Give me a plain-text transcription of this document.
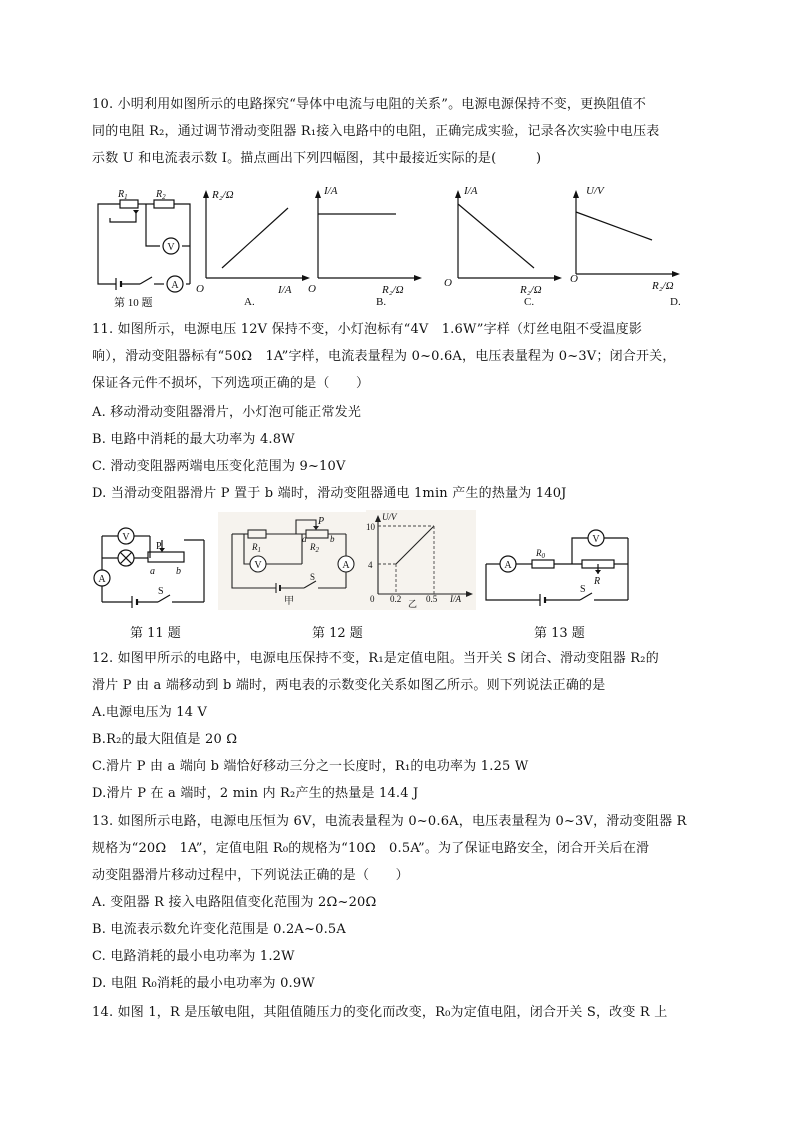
10. 小明利用如图所示的电路探究“导体中电流与电阻的关系”。电源电源保持不变，更换阻值不
同的电阻 R₂，通过调节滑动变阻器 R₁接入电路中的电阻，正确完成实验，记录各次实验中电压表
示数 U 和电流表示数 I。描点画出下列四幅图，其中最接近实际的是(　　　)
V
A
$R_1$	$R_2$
第 10 题
R₂/Ω
I/A
O
A.
I/A
R₂/Ω
O
B.
I/A
R₂/Ω
O
C.
U/V
R₂/Ω
O
D.
11. 如图所示，电源电压 12V 保持不变，小灯泡标有“4V　1.6W”字样（灯丝电阻不受温度影
响），滑动变阻器标有“50Ω　1A”字样，电流表量程为 0~0.6A，电压表量程为 0~3V；闭合开关，
保证各元件不损坏，下列选项正确的是（　　）
A. 移动滑动变阻器滑片，小灯泡可能正常发光
B. 电路中消耗的最大功率为 4.8W
C. 滑动变阻器两端电压变化范围为 9~10V
D. 当滑动变阻器滑片 P 置于 b 端时，滑动变阻器通电 1min 产生的热量为 140J
V
A
P
a b
S
V	A
$R_1$	$R_2$
P
a	b
S
甲
U/V
10
4
0 0.2	0.5 I/A
乙
A
V
$R_0$
R
S
第 11 题	第 12 题	第 13 题
12. 如图甲所示的电路中，电源电压保持不变，R₁是定值电阻。当开关 S 闭合、滑动变阻器 R₂的
滑片 P 由 a 端移动到 b 端时，两电表的示数变化关系如图乙所示。则下列说法正确的是
A.电源电压为 14 V
B.R₂的最大阻值是 20 Ω
C.滑片 P 由 a 端向 b 端恰好移动三分之一长度时，R₁的电功率为 1.25 W
D.滑片 P 在 a 端时，2 min 内 R₂产生的热量是 14.4 J
13. 如图所示电路，电源电压恒为 6V，电流表量程为 0~0.6A，电压表量程为 0~3V，滑动变阻器 R
规格为“20Ω　1A”，定值电阻 R₀的规格为“10Ω　0.5A”。为了保证电路安全，闭合开关后在滑
动变阻器滑片移动过程中，下列说法正确的是（　　）
A. 变阻器 R 接入电路阻值变化范围为 2Ω~20Ω
B. 电流表示数允许变化范围是 0.2A~0.5A
C. 电路消耗的最小电功率为 1.2W
D. 电阻 R₀消耗的最小电功率为 0.9W
14. 如图 1，R 是压敏电阻，其阻值随压力的变化而改变，R₀为定值电阻，闭合开关 S，改变 R 上
